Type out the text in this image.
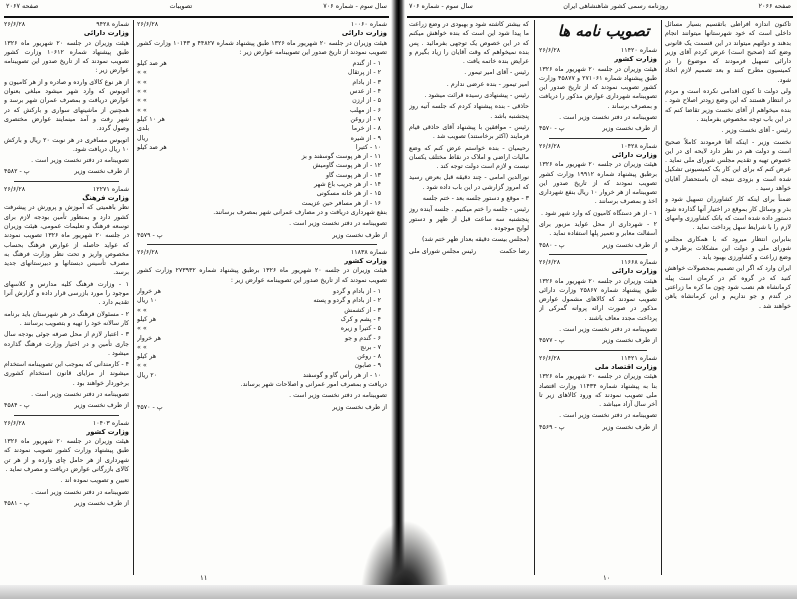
سال سوم - شماره ۷۰۶
تصویبات
صفحه ۲۰۶۷
شماره ۱۰۰۶۰
۲۶/۶/۲۸
وزارت دارائی

هیئت وزیران در جلسه ۲۰ شهریور ماه ۱۳۲۶ طبق پیشنهاد شماره ۴۴۸۲۷ و ۱۰۱۴۳ وزارت کشور تصویب نمودند از تاریخ صدور این تصویبنامه عوارض زیر :

۱ - از گندم
هر صد کیلو
۲ - از پرتقال
» »
۳ - از بادام
» »
۴ - از عدس
» »
۵ - از ارزن
» »
۶ - از مهلب
» »
۷ - از روغن
هر ۱۰ کیلو
۸ - از خرما
بلدی
۹ - از شیره
ریال
۱۰ - کتیرا
هر صد کیلو
۱۱ - از هر پوست گوسفند و بز
۱۲ - از هر پوست گاومیش
۱۳ - از هر پوست گاو
۱۴ - از هر جریب باغ شهر
۱۵ - از هر خانه مسکونی
۱۶ - از هر مسافر حین عزیمت

بنفع شهرداری دریافت و در مصارف عمرانی شهر بمصرف برسانند.

تصویبنامه در دفتر نخست وزیر است .

از طرف نخست وزیر
پ - ۴۵۷۹
شماره ۱۱۸۳۸
۲۶/۶/۲۸
وزارت کشور

هیئت وزیران در جلسه ۲۰ شهریور ماه ۱۳۲۶ برطبق پیشنهاد شماره ۲۷۳۹۳۲ وزارت کشور تصویب نمودند که از تاریخ صدور این تصویبنامه عوارض زیر :

۱ - از بادام و گردو
هر خروار
۲ - از بادام و گردو و پسته
۱۰ ریال
۳ - از کشمش
» »
۴ - پشم و کرک
هر کیلو
۵ - کتیرا و زیره
» »
۶ - گندم و جو
هر خروار
۷ - برنج
» »
۸ - روغن
هر کیلو
۹ - صابون
» »
۱۰ - از هر رأس گاو و گوسفند
۲۰ ریال

دریافت و بمصرف امور عمرانی و اصلاحات شهر برساند.

تصویبنامه در دفتر نخست وزیر است .

از طرف نخست وزیر
پ - ۴۵۷۰
شماره ۹۴۲۸
۲۶/۶/۲۸
وزارت دارائی

هیئت وزیران در جلسه ۲۰ شهریور ماه ۱۳۲۶ طبق پیشنهاد شماره ۱۰۶۱۲ وزارت کشور تصویب نمودند که از تاریخ صدور این تصویبنامه عوارض زیر :

از هر نوع کالای وارده و صادره و از هر کامیون و اتوبوس که وارد شهر میشود مبلغی بعنوان عوارض دریافت و بمصرف عمران شهر برسد و همچنین از ماشینهای سواری و بارکش که در شهر رفت و آمد مینمایند عوارض مختصری وصول گردد.

اتوبوس مسافری در هر نوبت ۲۰ ریال و بارکش ۱۰ ریال دریافت شود.

تصویبنامه در دفتر نخست وزیر است .

از طرف نخست وزیر
پ - ۴۵۸۲
شماره ۱۲۲۷۱
۲۶/۶/۲۸
وزارت فرهنگ

نظر باهمیتی که آموزش و پرورش در پیشرفت کشور دارد و بمنظور تأمین بودجه لازم برای توسعه فرهنگ و تعلیمات عمومی، هیئت وزیران در جلسه ۲۰ شهریور ماه ۱۳۲۶ تصویب نمودند که عواید حاصله از عوارض فرهنگ بحساب مخصوص واریز و تحت نظر وزارت فرهنگ به مصرف تأسیس دبستانها و دبیرستانهای جدید برسد.

۱ - وزارت فرهنگ کلیه مدارس و کلاسهای موجود را مورد بازرسی قرار داده و گزارش آنرا تقدیم دارد .

۲ - مسئولان فرهنگ در هر شهرستان باید برنامه کار سالانه خود را تهیه و بتصویب برسانند .

۳ - اعتبار لازم از محل صرفه جوئی بودجه سال جاری تأمین و در اختیار وزارت فرهنگ گذارده میشود .

۴ - کارمندانی که بموجب این تصویبنامه استخدام میشوند از مزایای قانون استخدام کشوری برخوردار خواهند بود .

تصویبنامه در دفتر نخست وزیر است .

از طرف نخست وزیر
پ - ۴۵۸۴
شماره ۱۰۴۰۳
۲۶/۶/۲۸
وزارت کشور

هیئت وزیران در جلسه ۲۰ شهریور ماه ۱۳۲۶ طبق پیشنهاد وزارت کشور تصویب نمودند که شهرداری از هر حامل چای وارده و از هر تن کالای بازرگانی عوارض دریافت و مصرف نماید .

تعیین و تصویب نموده اند .

تصویبنامه در دفتر نخست وزیر است .

از طرف نخست وزیر
پ - ۴۵۸۱
۱۱
صفحه ۲۰۶۶
روزنامه رسمی کشور شاهنشاهی ایران
سال سوم - شماره ۷۰۶

تاکنون اندازه افراطی باتقسیم بسیار مسائل داخلی است که خود شهرستانها میتوانند انجام بدهند و دولتهم میتواند در این قسمت یک قانونی وضع کند (صحیح است) عرض کردم آقای وزیر دارائی تسهیل فرمودند که موضوع را در کمیسیون مطرح کنند و بعد تصمیم لازم اتخاذ شود.

ولی دولت تا کنون اقدامی نکرده است و مردم در انتظار هستند که این وضع زودتر اصلاح شود . بنده میخواهم از آقای نخست وزیر تقاضا کنم که در این باب توجه مخصوص بفرمایند .

رئیس - آقای نخست وزیر .

نخست وزیر - اینکه آقا فرمودند کاملاً صحیح است و دولت هم در نظر دارد لایحه ای در این خصوص تهیه و تقدیم مجلس شورای ملی نماید . عرض کنم که برای این کار یک کمیسیونی تشکیل شده است و بزودی نتیجه آن باستحضار آقایان خواهد رسید .

ضمناً برای اینکه کار کشاورزان تسهیل شود و بذر و وسائل کار بموقع در اختیار آنها گذارده شود دستور داده شده است که بانک کشاورزی وامهای لازم را با شرایط سهل پرداخت نماید .

بنابراین انتظار میرود که با همکاری مجلس شورای ملی و دولت این مشکلات برطرف و وضع زراعت و کشاورزی بهبود یابد .

ایران وارد که اگر این تصمیم بمحصولات خواهش کنید که در گروه کم در کرمان است پیله کرمانشاه هم نصب شود چون ما کره ما زراعتی در گندم و جو نداریم و این کرمانشاه یاهن خواهند شد .

شماره ۱۱۴۲۰
۲۶/۶/۲۸
وزارت کشور

هیئت وزیران در جلسه ۲۰ شهریور ماه ۱۳۲۶ طبق پیشنهاد شماره ۲۷۱۰۶۱ و ۴۵۸۷۷ وزارت کشور تصویب نمودند که از تاریخ صدور این تصویبنامه شهرداری عوارض مذکور را دریافت و بمصرف برساند .

تصویبنامه در دفتر نخست وزیر است .

از طرف نخست وزیر
پ - ۴۵۷۰
شماره ۱۰۴۲۸
۲۶/۶/۲۸
وزارت دارائی

هیئت وزیران در جلسه ۲۰ شهریور ماه ۱۳۲۶ برطبق پیشنهاد شماره ۱۹۹۱۲ وزارت کشور تصویب نمودند که از تاریخ صدور این تصویبنامه از هر خروار ۱۰ ریال بنفع شهرداری اخذ و بمصرف برسانند .

۱ - از هر دستگاه کامیون که وارد شهر شود .

۲ - شهرداری از محل عواید مزبور برای آسفالت معابر و تعمیر پلها استفاده نماید .

از طرف نخست وزیر
پ - ۴۵۸۰
شماره ۱۱۶۶۸
۲۶/۶/۲۸
وزارت دارائی

هیئت وزیران در جلسه ۲۰ شهریور ماه ۱۳۲۶ طبق پیشنهاد شماره ۲۵۸۶۷ وزارت دارائی تصویب نمودند که کالاهای مشمول عوارض مذکور در صورت ارائه پروانه گمرکی از پرداخت مجدد معاف باشند .

تصویبنامه در دفتر نخست وزیر است .

از طرف نخست وزیر
پ - ۴۵۷۷
شماره ۱۱۴۲۱
۲۶/۶/۲۸
وزارت اقتصاد ملی

هیئت وزیران در جلسه ۲۰ شهریور ماه ۱۳۲۶ بنا به پیشنهاد شماره ۱۱۴۳۴ وزارت اقتصاد ملی تصویب نمودند که ورود کالاهای زیر تا آخر سال آزاد میباشد .

تصویبنامه در دفتر نخست وزیر است .

از طرف نخست وزیر
پ - ۴۵۶۹

که بیشتر کاشته شود و بهبودی در وضع زراعت ما پیدا شود این است که بنده خواهش میکنم که در این خصوص یک توجهی بفرمائید . پس بنده نمیخواهم که وقت آقایان را زیاد بگیرم و عرایض بنده خاتمه یافت .

رئیس - آقای امیر تیمور .

امیر تیمور - بنده عرضی ندارم .

رئیس - پیشنهادی رسیده قرائت میشود .

حاذقی - بنده پیشنهاد کردم که جلسه آتیه روز پنجشنبه باشد .

رئیس - موافقین با پیشنهاد آقای حاذقی قیام فرمایند (اکثر برخاستند) تصویب شد .

رحیمیان - بنده خواستم عرض کنم که وضع مالیات اراضی و املاک در نقاط مختلف یکسان نیست و لازم است دولت توجه کند .

نورالدین امامی - چند دقیقه قبل بعرض رسید که امروز گزارشی در این باب داده شود .

۳ - موقع و دستور جلسه بعد - ختم جلسه

رئیس - جلسه را ختم میکنیم . جلسه آینده روز پنجشنبه سه ساعت قبل از ظهر و دستور لوایح موجوده .

(مجلس بیست دقیقه بعداز ظهر ختم شد)

رضا حکمت
رئیس مجلس شورای ملی
۱۰
تصویب نامه ها
